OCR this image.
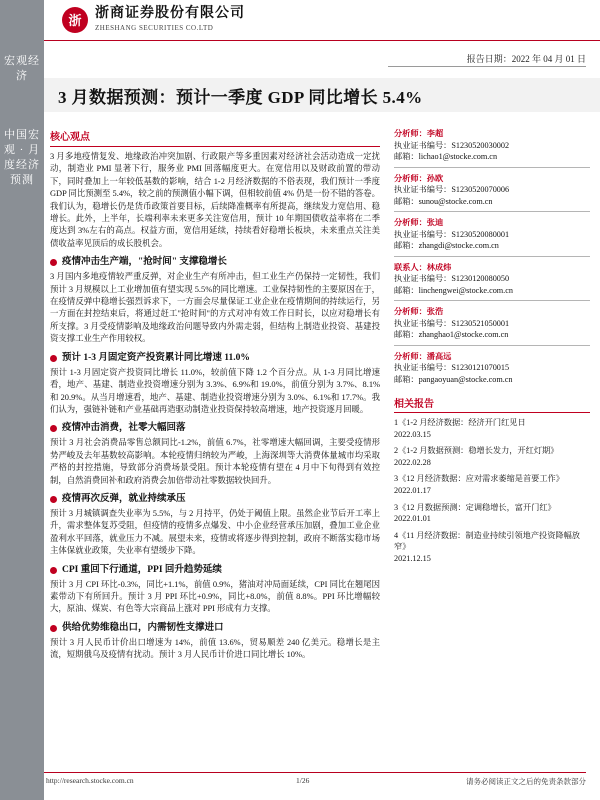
浙 浙商证券股份有限公司
ZHESHANG SECURITIES CO.LTD
宏观经济
中国宏观 · 月度经济预测
报告日期：2022 年 04 月 01 日
3 月数据预测：预计一季度 GDP 同比增长 5.4%
核心观点

3 月多地疫情复发、地缘政治冲突加剧、行政限产等多重因素对经济社会活动造成一定扰动，制造业 PMI 显著下行，服务业 PMI 回落幅度更大。在宽信用以及财政前置的带动下，同时叠加上一年较低基数的影响，结合 1-2 月经济数据的不俗表现，我们预计一季度 GDP 同比预测至 5.4%，较之前的预测值小幅下调，但相较前值 4% 仍是一份不错的答卷。我们认为，稳增长仍是货币政策首要目标，后续降准概率有所提高，继续发力宽信用、稳增长。此外，上半年，长端利率未来更多关注宽信用，预计 10 年期国债收益率将在二季度达到 3%左右的高点。权益方面，宽信用延续，持续看好稳增长板块，未来重点关注美债收益率见顶后的成长股机会。

疫情冲击生产端，"抢时间" 支撑稳增长

3 月国内多地疫情较严重反弹，对企业生产有所冲击，但工业生产仍保持一定韧性，我们预计 3 月规模以上工业增加值有望实现 5.5%的同比增速。工业保持韧性的主要原因在于，在疫情反弹中稳增长强烈诉求下，一方面会尽量保证工业企业在疫情期间的持续运行，另一方面在封控结束后，将通过赶工"抢时间"的方式对冲有效工作日时长，以应对稳增长有所支撑。3 月受疫情影响及地缘政治问题导致内外需走弱，但结构上制造业投资、基建投资支撑工业生产作用较权。

预计 1-3 月固定资产投资累计同比增速 11.0%

预计 1-3 月固定资产投资同比增长 11.0%，较前值下降 1.2 个百分点。从 1-3 月同比增速看，地产、基建、制造业投资增速分别为 3.3%、6.9%和 19.0%，前值分别为 3.7%、8.1%和 20.9%。从当月增速看，地产、基建、制造业投资增速分别为 3.0%、6.1%和 17.7%。我们认为，强链补链和产业基础再造驱动制造业投资保持较高增速，地产投资逐月回暖。

疫情冲击消费，社零大幅回落

预计 3 月社会消费品零售总额同比-1.2%，前值 6.7%，社零增速大幅回调，主要受疫情形势严峻及去年基数较高影响。本轮疫情归纳较为严峻，上海深圳等大消费体量城市均采取严格的封控措施，导致部分消费场景受阻。预计本轮疫情有望在 4 月中下旬得到有效控制，自然消费回补和政府消费会加倍带动社零数据较快回升。

疫情再次反弹，就业持续承压

预计 3 月城镇调查失业率为 5.5%，与 2 月持平，仍处于阈值上限。虽然企业节后开工率上升，需求整体复苏受阻，但疫情的疫情多点爆发、中小企业经营承压加剧，叠加工业企业盈利水平回落，就业压力不减。展望未来，疫情或将逐步得到控制，政府不断落实稳市场主体保就业政策，失业率有望缓步下降。

CPI 重回下行通道，PPI 回升趋势延续

预计 3 月 CPI 环比-0.3%，同比+1.1%，前值 0.9%，猪油对冲局面延续，CPI 同比在翘尾因素带动下有所回升。预计 3 月 PPI 环比+0.9%，同比+8.0%，前值 8.8%。PPI 环比增幅较大，原油、煤炭、有色等大宗商品上涨对 PPI 形成有力支撑。

供给优势维稳出口，内需韧性支撑进口

预计 3 月人民币计价出口增速为 14%，前值 13.6%，贸易顺差 240 亿美元。稳增长是主流，短期俄乌及疫情有扰动。预计 3 月人民币计价进口同比增长 10%。

分析师：李超
执业证书编号：S1230520030002
邮箱：lichao1@stocke.com.cn
分析师：孙欧
执业证书编号：S1230520070006
邮箱：sunou@stocke.com.cn
分析师：张迪
执业证书编号：S1230520080001
邮箱：zhangdi@stocke.com.cn
联系人：林成炜
执业证书编号：S1230120080050
邮箱：linchengwei@stocke.com.cn
分析师：张浩
执业证书编号：S1230521050001
邮箱：zhanghao1@stocke.com.cn
分析师：潘高远
执业证书编号：S1230121070015
邮箱：pangaoyuan@stocke.com.cn
相关报告
1《1-2 月经济数据：经济开门红见日
2022.03.15
2《1-2 月数据预测：稳增长发力，开红灯期》
2022.02.28
3《12 月经济数据：应对需求萎缩是首要工作》
2022.01.17
3《12 月数据预测：定调稳增长，富开门红》
2022.01.01
4《11 月经济数据：制造业持续引领地产投资降幅放窄》
2021.12.15
http://research.stocke.com.cn	1/26	请务必阅读正文之后的免责条款部分
